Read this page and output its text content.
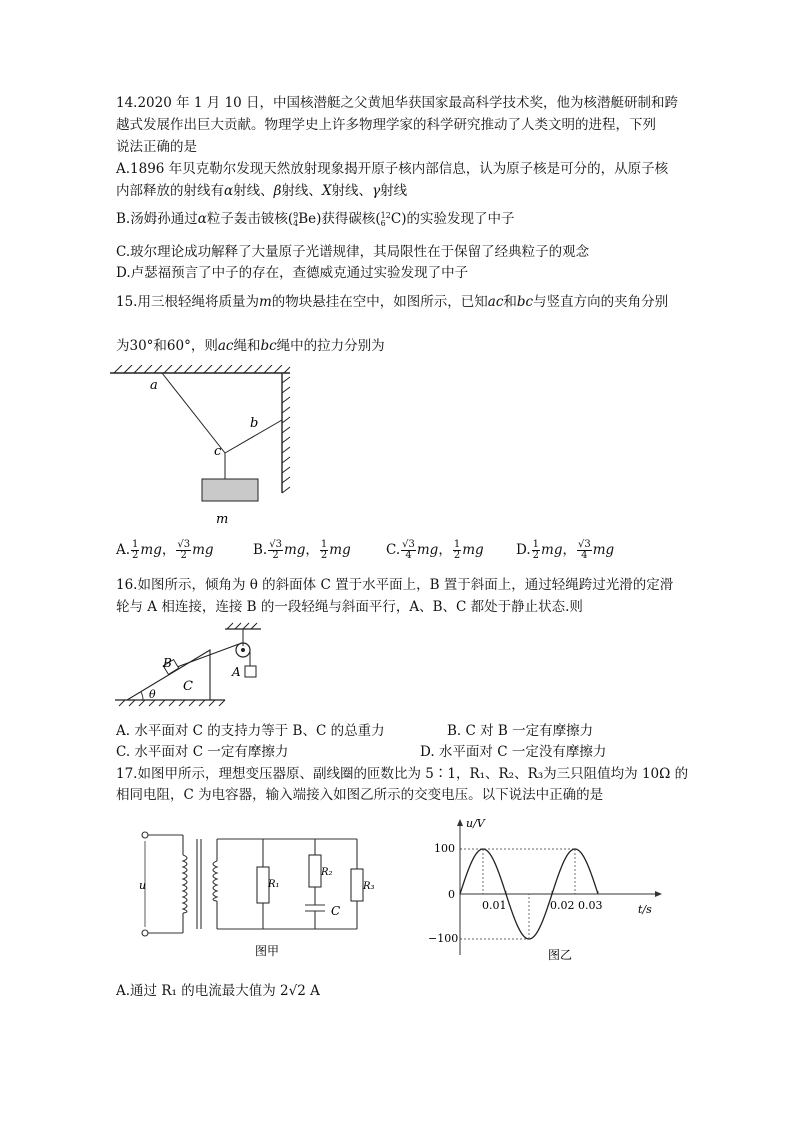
14.2020 年 1 月 10 日，中国核潜艇之父黄旭华获国家最高科学技术奖，他为核潜艇研制和跨
越式发展作出巨大贡献。物理学史上许多物理学家的科学研究推动了人类文明的进程，下列
说法正确的是
A.1896 年贝克勒尔发现天然放射现象揭开原子核内部信息，认为原子核是可分的，从原子核
内部释放的射线有α射线、β射线、X射线、γ射线
B.汤姆孙通过α粒子轰击铍核( 9
4 Be)获得碳核( 12
6 C)的实验发现了中子
C.玻尔理论成功解释了大量原子光谱规律，其局限性在于保留了经典粒子的观念
D.卢瑟福预言了中子的存在，查德威克通过实验发现了中子
15.用三根轻绳将质量为m的物块悬挂在空中，如图所示，已知ac和bc与竖直方向的夹角分别
为30°和60°，则ac绳和bc绳中的拉力分别为
a
b
c
m
A. $\frac{1}{2}$ mg， $\frac{√3}{2}$ mg	B. $\frac{√3}{2}$ mg， $\frac{1}{2}$ mg	C. $\frac{√3}{4}$ mg， $\frac{1}{2}$ mg D. $\frac{1}{2}$ mg， $\frac{√3}{4}$ mg
16.如图所示，倾角为 θ 的斜面体 C 置于水平面上，B 置于斜面上，通过轻绳跨过光滑的定滑
轮与 A 相连接，连接 B 的一段轻绳与斜面平行，A、B、C 都处于静止状态.则
θ
B
C
A
A. 水平面对 C 的支持力等于 B、C 的总重力	B. C 对 B 一定有摩擦力
C. 水平面对 C 一定有摩擦力	D. 水平面对 C 一定没有摩擦力
17.如图甲所示，理想变压器原、副线圈的匝数比为 5∶1，R₁、R₂、R₃为三只阻值均为 10Ω 的
相同电阻，C 为电容器，输入端接入如图乙所示的交变电压。以下说法中正确的是
u	R₁
R₂
C
R₃
图甲
u/V
100
0
−100
0.01	0.02 0.03	t/s
图乙
A.通过 R₁ 的电流最大值为 2√2 A
